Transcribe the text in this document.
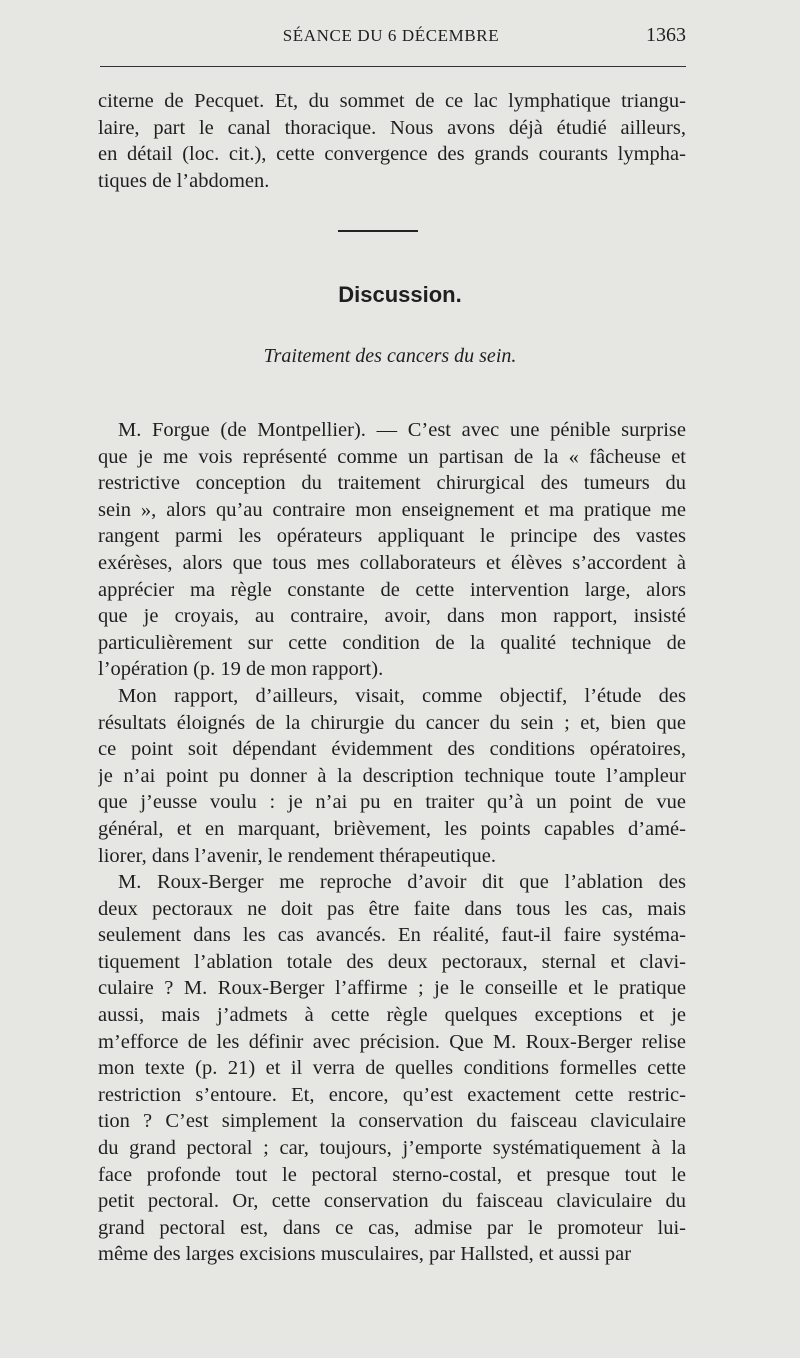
SÉANCE DU 6 DÉCEMBRE	1363
citerne de Pecquet. Et, du sommet de ce lac lymphatique triangu-
laire, part le canal thoracique. Nous avons déjà étudié ailleurs,
en détail (loc. cit.), cette convergence des grands courants lympha-
tiques de l’abdomen.
Discussion.
Traitement des cancers du sein.
M. Forgue (de Montpellier). — C’est avec une pénible surprise
que je me vois représenté comme un partisan de la « fâcheuse et
restrictive conception du traitement chirurgical des tumeurs du
sein », alors qu’au contraire mon enseignement et ma pratique me
rangent parmi les opérateurs appliquant le principe des vastes
exérèses, alors que tous mes collaborateurs et élèves s’accordent à
apprécier ma règle constante de cette intervention large, alors
que je croyais, au contraire, avoir, dans mon rapport, insisté
particulièrement sur cette condition de la qualité technique de
l’opération (p. 19 de mon rapport).
Mon rapport, d’ailleurs, visait, comme objectif, l’étude des
résultats éloignés de la chirurgie du cancer du sein ; et, bien que
ce point soit dépendant évidemment des conditions opératoires,
je n’ai point pu donner à la description technique toute l’ampleur
que j’eusse voulu : je n’ai pu en traiter qu’à un point de vue
général, et en marquant, brièvement, les points capables d’amé-
liorer, dans l’avenir, le rendement thérapeutique.
M. Roux-Berger me reproche d’avoir dit que l’ablation des
deux pectoraux ne doit pas être faite dans tous les cas, mais
seulement dans les cas avancés. En réalité, faut-il faire systéma-
tiquement l’ablation totale des deux pectoraux, sternal et clavi-
culaire ? M. Roux-Berger l’affirme ; je le conseille et le pratique
aussi, mais j’admets à cette règle quelques exceptions et je
m’efforce de les définir avec précision. Que M. Roux-Berger relise
mon texte (p. 21) et il verra de quelles conditions formelles cette
restriction s’entoure. Et, encore, qu’est exactement cette restric-
tion ? C’est simplement la conservation du faisceau claviculaire
du grand pectoral ; car, toujours, j’emporte systématiquement à la
face profonde tout le pectoral sterno-costal, et presque tout le
petit pectoral. Or, cette conservation du faisceau claviculaire du
grand pectoral est, dans ce cas, admise par le promoteur lui-
même des larges excisions musculaires, par Hallsted, et aussi par
